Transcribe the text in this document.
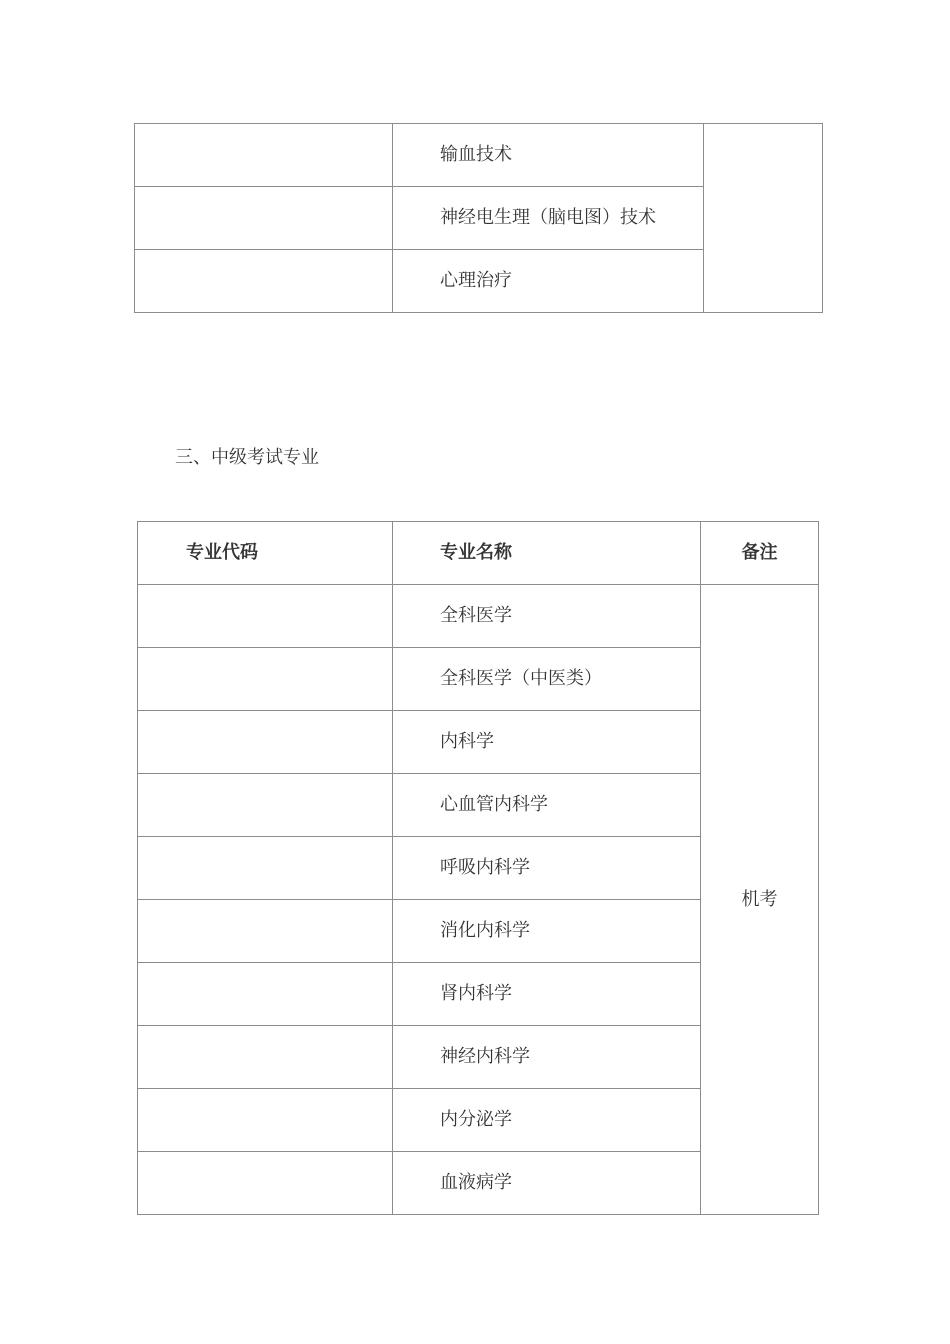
	输血技术	
	神经电生理（脑电图）技术	
	心理治疗	
三、中级考试专业
专业代码	专业名称	备注
	全科医学	机考
	全科医学（中医类）	
	内科学	
	心血管内科学	
	呼吸内科学	
	消化内科学	
	肾内科学	
	神经内科学	
	内分泌学	
	血液病学	
